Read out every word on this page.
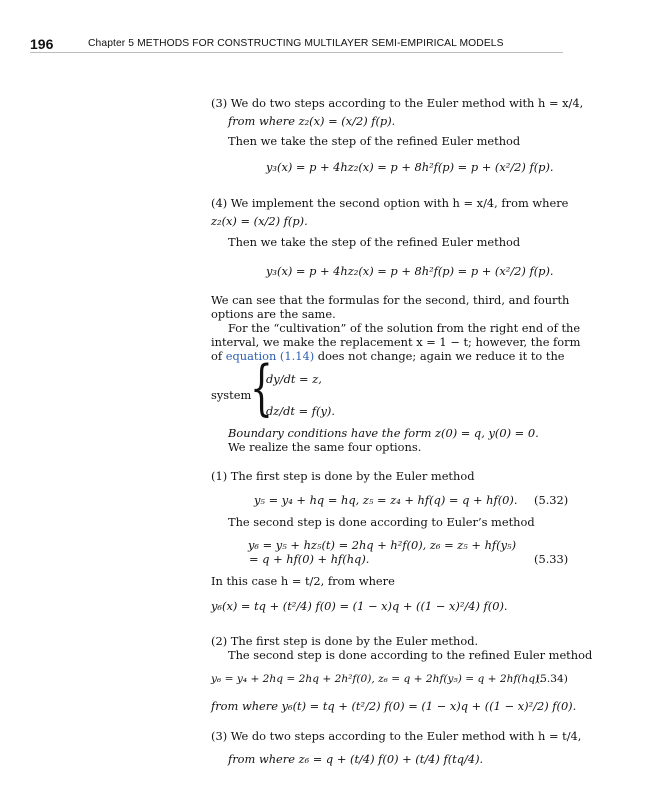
196	Chapter 5 METHODS FOR CONSTRUCTING MULTILAYER SEMI-EMPIRICAL MODELS
(3) We do two steps according to the Euler method with h = x/4,
from where z₂(x) = (x/2) f(p).
Then we take the step of the refined Euler method
y₃(x) = p + 4hz₂(x) = p + 8h²f(p) = p + (x²/2) f(p).
(4) We implement the second option with h = x/4, from where
z₂(x) = (x/2) f(p).
Then we take the step of the refined Euler method
y₃(x) = p + 4hz₂(x) = p + 8h²f(p) = p + (x²/2) f(p).
We can see that the formulas for the second, third, and fourth
options are the same.
For the “cultivation” of the solution from the right end of the
interval, we make the replacement x = 1 − t; however, the form
of equation (1.14) does not change; again we reduce it to the
system
{
dy/dt = z,
dz/dt = f(y).
Boundary conditions have the form z(0) = q, y(0) = 0.
We realize the same four options.
(1) The first step is done by the Euler method
y₅ = y₄ + hq = hq, z₅ = z₄ + hf(q) = q + hf(0). (5.32)
The second step is done according to Euler’s method
y₆ = y₅ + hz₅(t) = 2hq + h²f(0), z₆ = z₅ + hf(y₅)
= q + hf(0) + hf(hq).	(5.33)
In this case h = t/2, from where
y₆(x) = tq + (t²/4) f(0) = (1 − x)q + ((1 − x)²/4) f(0).
(2) The first step is done by the Euler method.
The second step is done according to the refined Euler method
y₆ = y₄ + 2hq = 2hq + 2h²f(0), z₆ = q + 2hf(y₅) = q + 2hf(hq).
(5.34)
from where y₆(t) = tq + (t²/2) f(0) = (1 − x)q + ((1 − x)²/2) f(0).
(3) We do two steps according to the Euler method with h = t/4,
from where z₆ = q + (t/4) f(0) + (t/4) f(tq/4).
